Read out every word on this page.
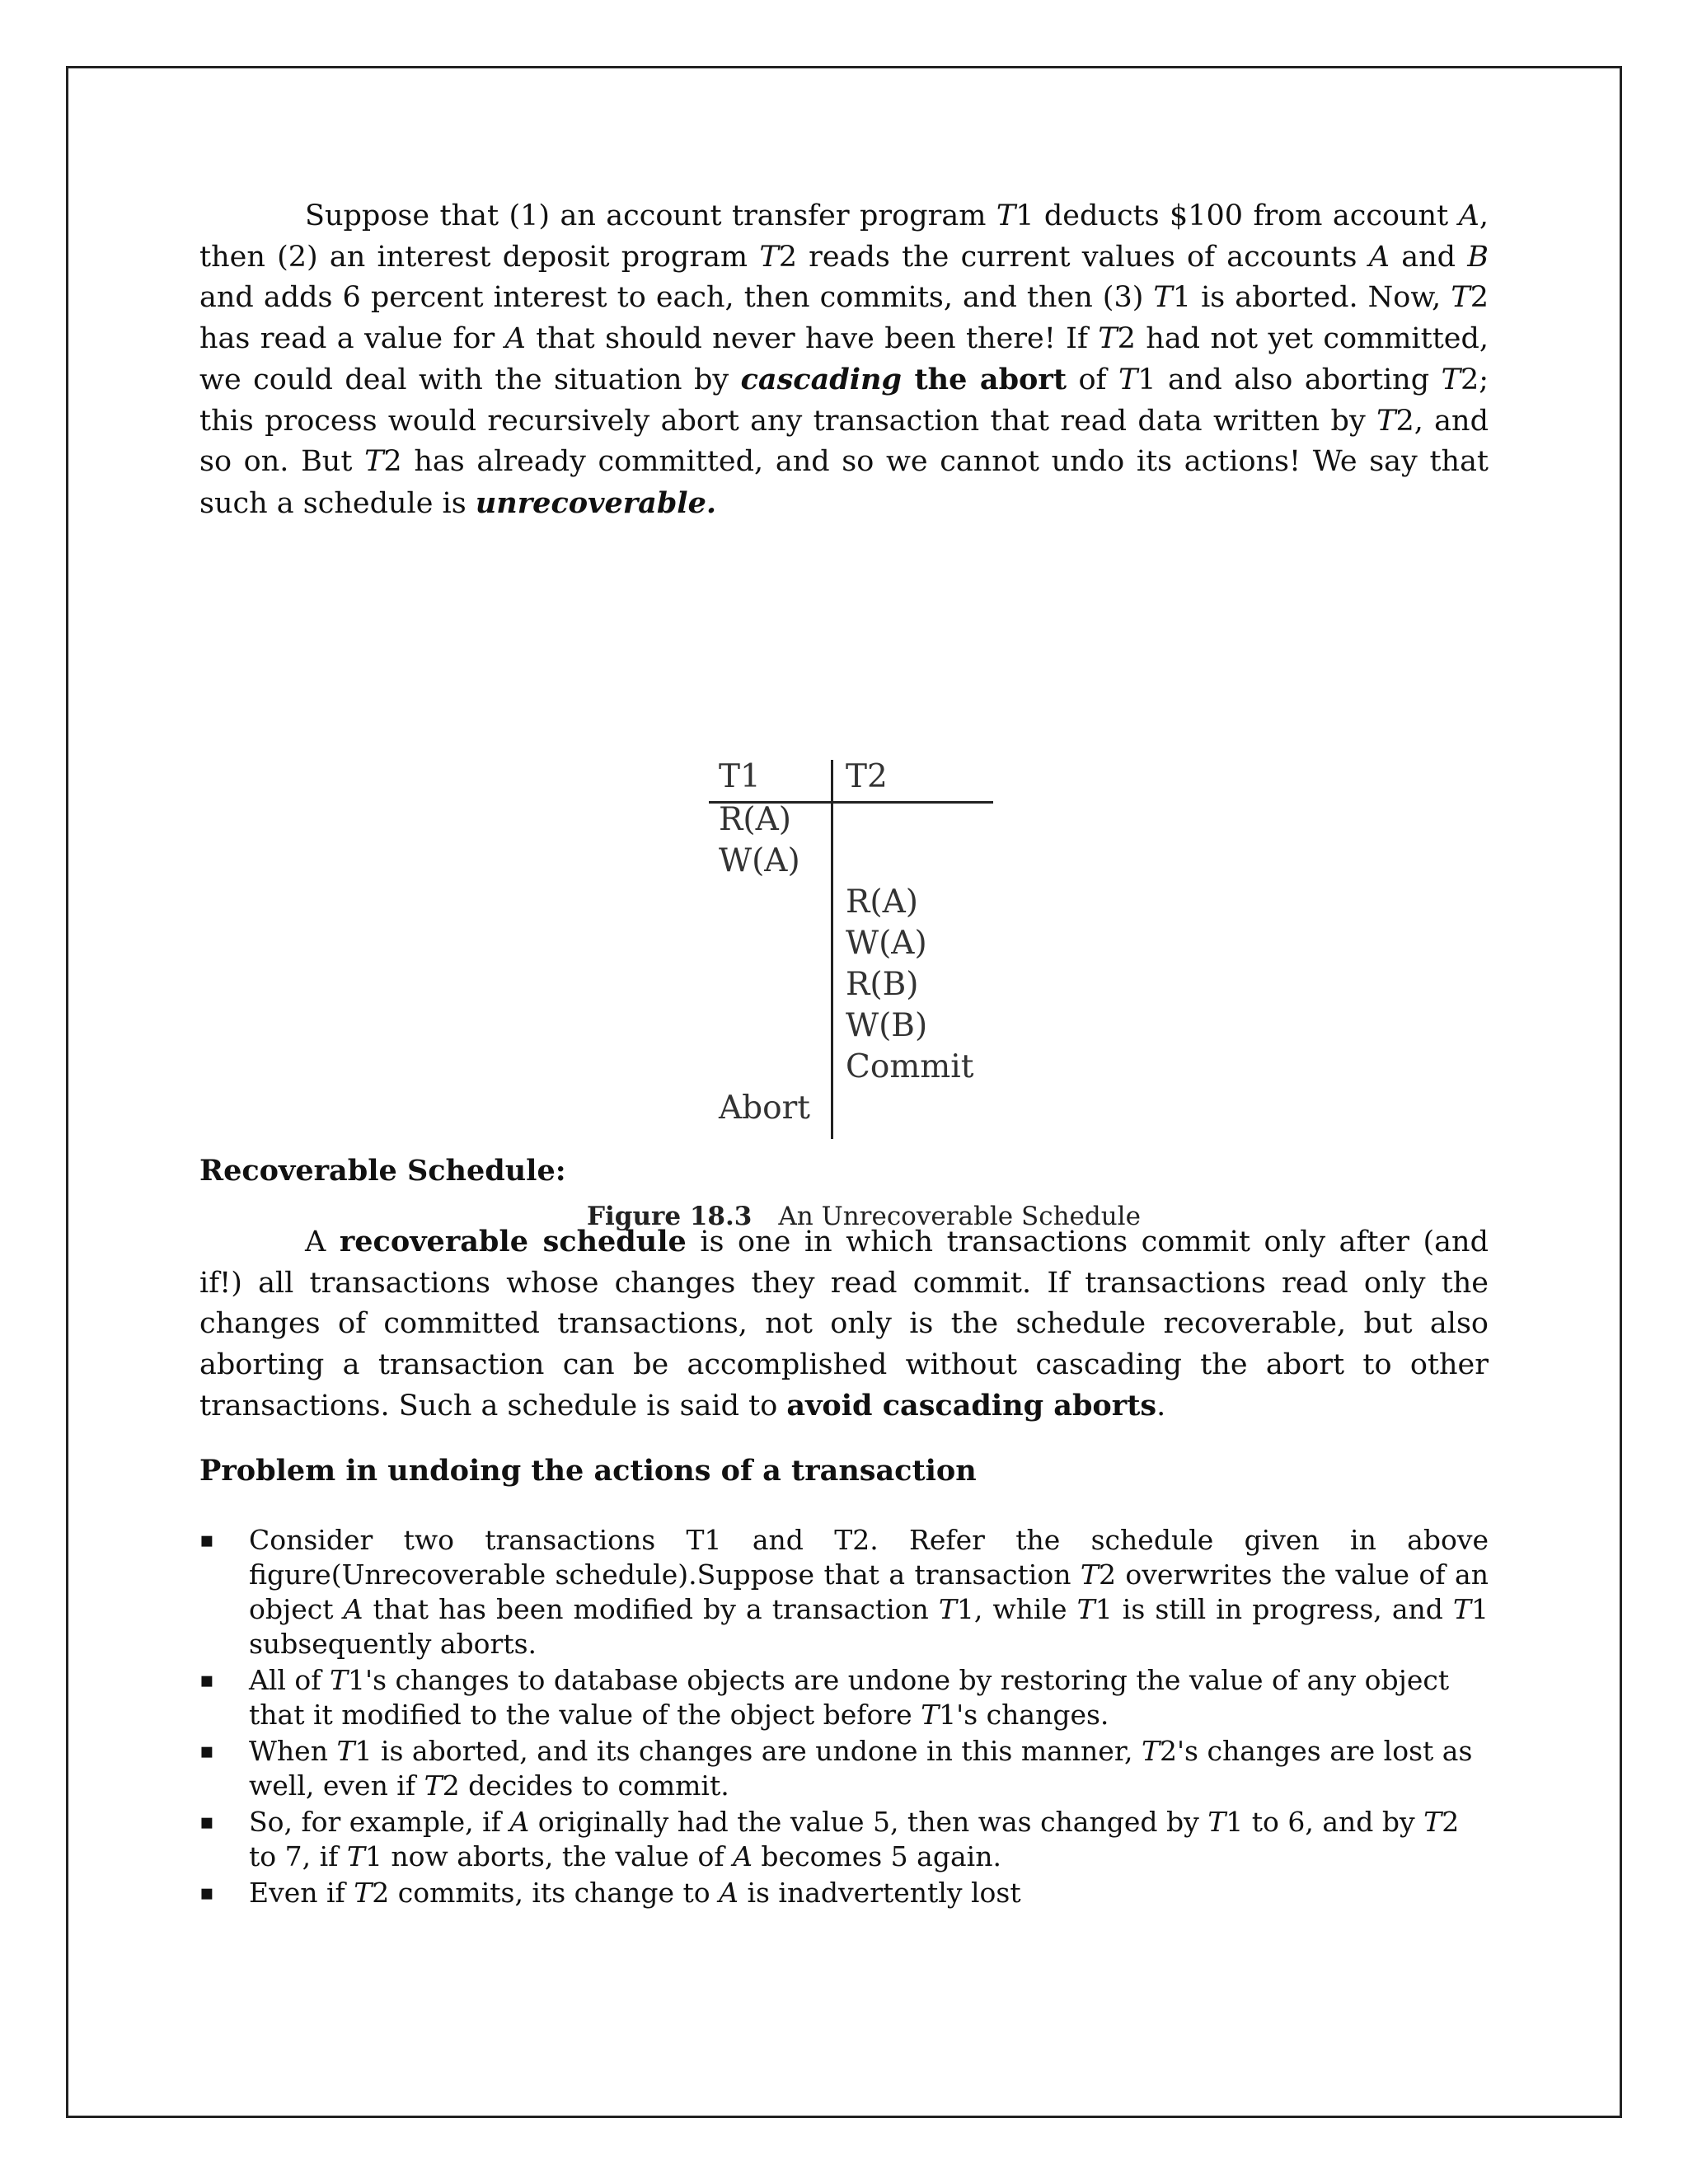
Suppose that (1) an account transfer program T1 deducts $100 from account A, then (2) an interest deposit program T2 reads the current values of accounts A and B and adds 6 percent interest to each, then commits, and then (3) T1 is aborted. Now, T2 has read a value for A that should never have been there! If T2 had not yet committed, we could deal with the situation by cascading the abort of T1 and also aborting T2; this process would recursively abort any transaction that read data written by T2, and so on. But T2 has already committed, and so we cannot undo its actions! We say that such a schedule is unrecoverable.

T1	T2
R(A)
W(A)
R(A)
W(A)
R(B)
W(B)
Commit
Abort
Figure 18.3 An Unrecoverable Schedule
Recoverable Schedule:

A recoverable schedule is one in which transactions commit only after (and if!) all transactions whose changes they read commit. If transactions read only the changes of committed transactions, not only is the schedule recoverable, but also aborting a transaction can be accomplished without cascading the abort to other transactions. Such a schedule is said to avoid cascading aborts.

Problem in undoing the actions of a transaction
▪ Consider two transactions T1 and T2. Refer the schedule given in above figure(Unrecoverable schedule).Suppose that a transaction T2 overwrites the value of an object A that has been modified by a transaction T1, while T1 is still in progress, and T1 subsequently aborts.
▪ All of T1's changes to database objects are undone by restoring the value of any object that it modified to the value of the object before T1's changes.
▪ When T1 is aborted, and its changes are undone in this manner, T2's changes are lost as well, even if T2 decides to commit.
▪ So, for example, if A originally had the value 5, then was changed by T1 to 6, and by T2 to 7, if T1 now aborts, the value of A becomes 5 again.
▪ Even if T2 commits, its change to A is inadvertently lost
